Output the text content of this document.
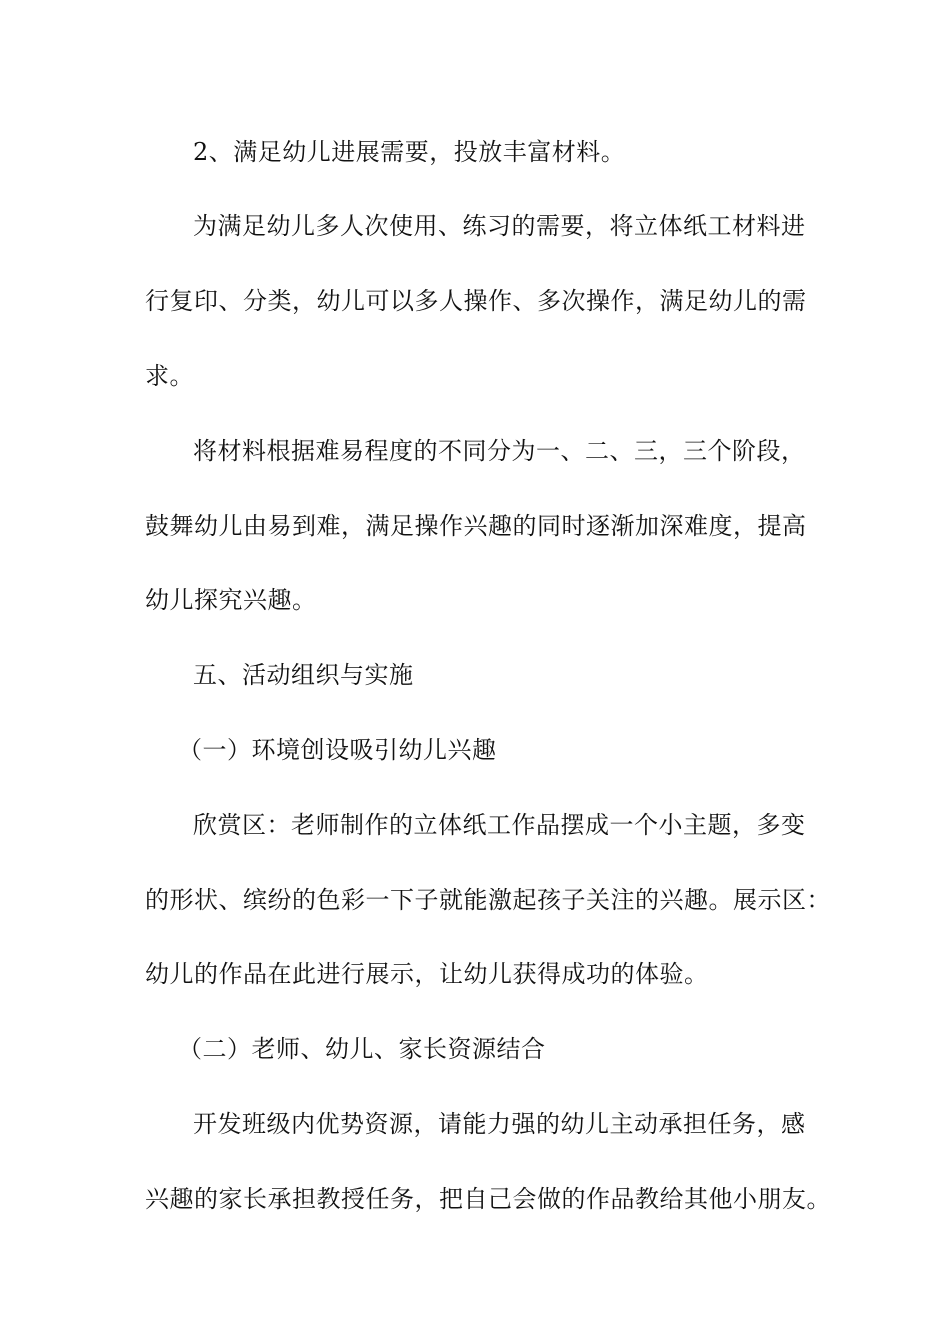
2、满足幼儿进展需要，投放丰富材料。
为满足幼儿多人次使用、练习的需要，将立体纸工材料进
行复印、分类，幼儿可以多人操作、多次操作，满足幼儿的需
求。
将材料根据难易程度的不同分为一、二、三，三个阶段，
鼓舞幼儿由易到难，满足操作兴趣的同时逐渐加深难度，提高
幼儿探究兴趣。
五、活动组织与实施
（一）环境创设吸引幼儿兴趣
欣赏区：老师制作的立体纸工作品摆成一个小主题，多变
的形状、缤纷的色彩一下子就能激起孩子关注的兴趣。展示区：
幼儿的作品在此进行展示，让幼儿获得成功的体验。
（二）老师、幼儿、家长资源结合
开发班级内优势资源，请能力强的幼儿主动承担任务，感
兴趣的家长承担教授任务，把自己会做的作品教给其他小朋友。
